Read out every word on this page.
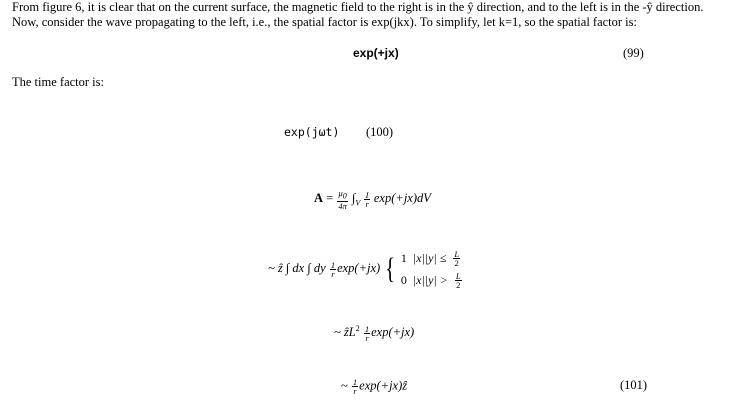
From figure 6, it is clear that on the current surface, the magnetic field to the right is in the ŷ direction, and to the left is in the -ŷ direction.
Now, consider the wave propagating to the left, i.e., the spatial factor is exp(jkx). To simplify, let k=1, so the spatial factor is:
exp(+jx)	(99)
The time factor is:
exp(jωt) (100)
$A = \frac{\mu 0}{4\pi} \int_V \frac{I}{r} \exp(+jx)dV$
~ ẑ ∫ dx ∫ dy $\frac{1}{r} \exp(+jx)$ { 1 $|x||y| \le \frac{L}{2}$
0 $|x||y| > \frac{L}{2}$
~ ẑL$^2$ $\frac{1}{r} \exp(+jx)$
~ $\frac{1}{r}$ exp(+jx)ẑ	(101)
